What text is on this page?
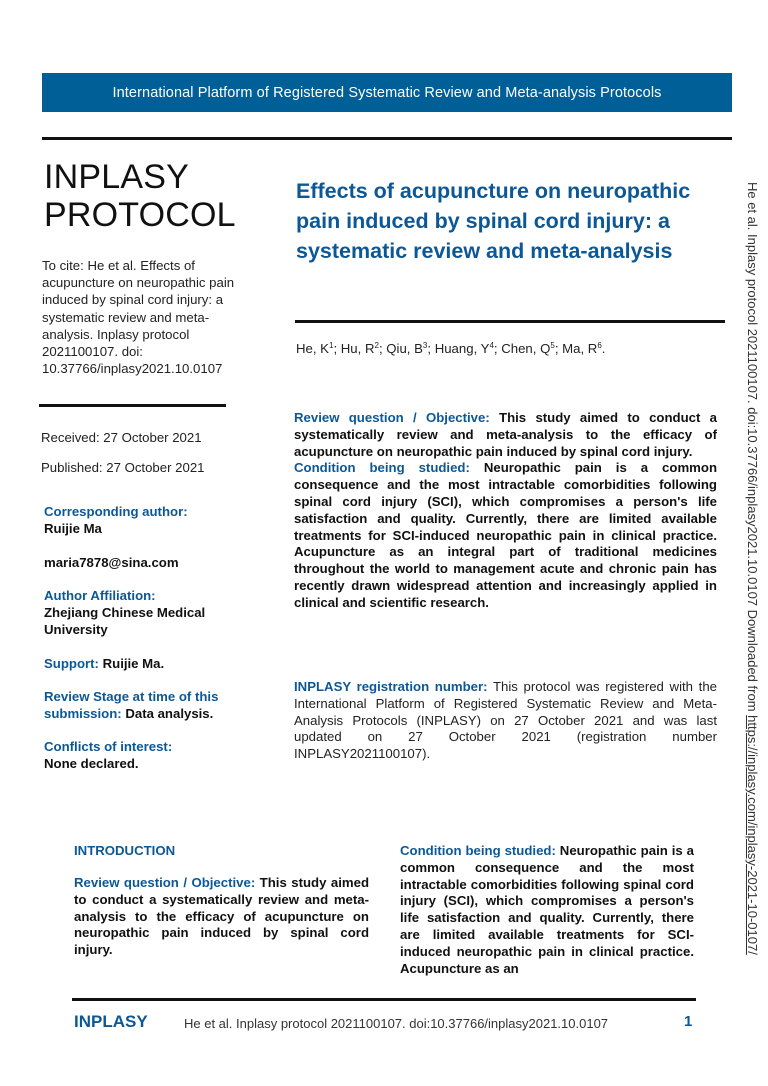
International Platform of Registered Systematic Review and Meta-analysis Protocols
INPLASY
PROTOCOL
To cite: He et al. Effects of acupuncture on neuropathic pain induced by spinal cord injury: a systematic review and meta-analysis. Inplasy protocol 2021100107. doi: 10.37766/inplasy2021.10.0107
Effects of acupuncture on neuropathic pain induced by spinal cord injury: a systematic review and meta-analysis
He, $K^1$; Hu, $R^2$; Qiu, $B^3$; Huang, $Y^4$; Chen, $Q^5$; Ma, $R^6$.
Received: 27 October 2021
Published: 27 October 2021
Corresponding author:
Ruijie Ma
maria7878@sina.com
Author Affiliation:
Zhejiang Chinese Medical University
Support: Ruijie Ma.
Review Stage at time of this submission: Data analysis.
Conflicts of interest:
None declared.
Review question / Objective: This study aimed to conduct a systematically review and meta-analysis to the efficacy of acupuncture on neuropathic pain induced by spinal cord injury.
Condition being studied: Neuropathic pain is a common consequence and the most intractable comorbidities following spinal cord injury (SCI), which compromises a person's life satisfaction and quality. Currently, there are limited available treatments for SCI-induced neuropathic pain in clinical practice. Acupuncture as an integral part of traditional medicines throughout the world to management acute and chronic pain has recently drawn widespread attention and increasingly applied in clinical and scientific research.
INPLASY registration number: This protocol was registered with the International Platform of Registered Systematic Review and Meta-Analysis Protocols (INPLASY) on 27 October 2021 and was last updated on 27 October 2021 (registration number INPLASY2021100107).
INTRODUCTION
Review question / Objective: This study aimed to conduct a systematically review and meta-analysis to the efficacy of acupuncture on neuropathic pain induced by spinal cord injury.
Condition being studied: Neuropathic pain is a common consequence and the most intractable comorbidities following spinal cord injury (SCI), which compromises a person's life satisfaction and quality. Currently, there are limited available treatments for SCI-induced neuropathic pain in clinical practice. Acupuncture as an
INPLASY	He et al. Inplasy protocol 2021100107. doi:10.37766/inplasy2021.10.0107	1
He et al. Inplasy protocol 2021100107. doi:10.37766/inplasy2021.10.0107 Downloaded from https://inplasy.com/inplasy-2021-10-0107/
